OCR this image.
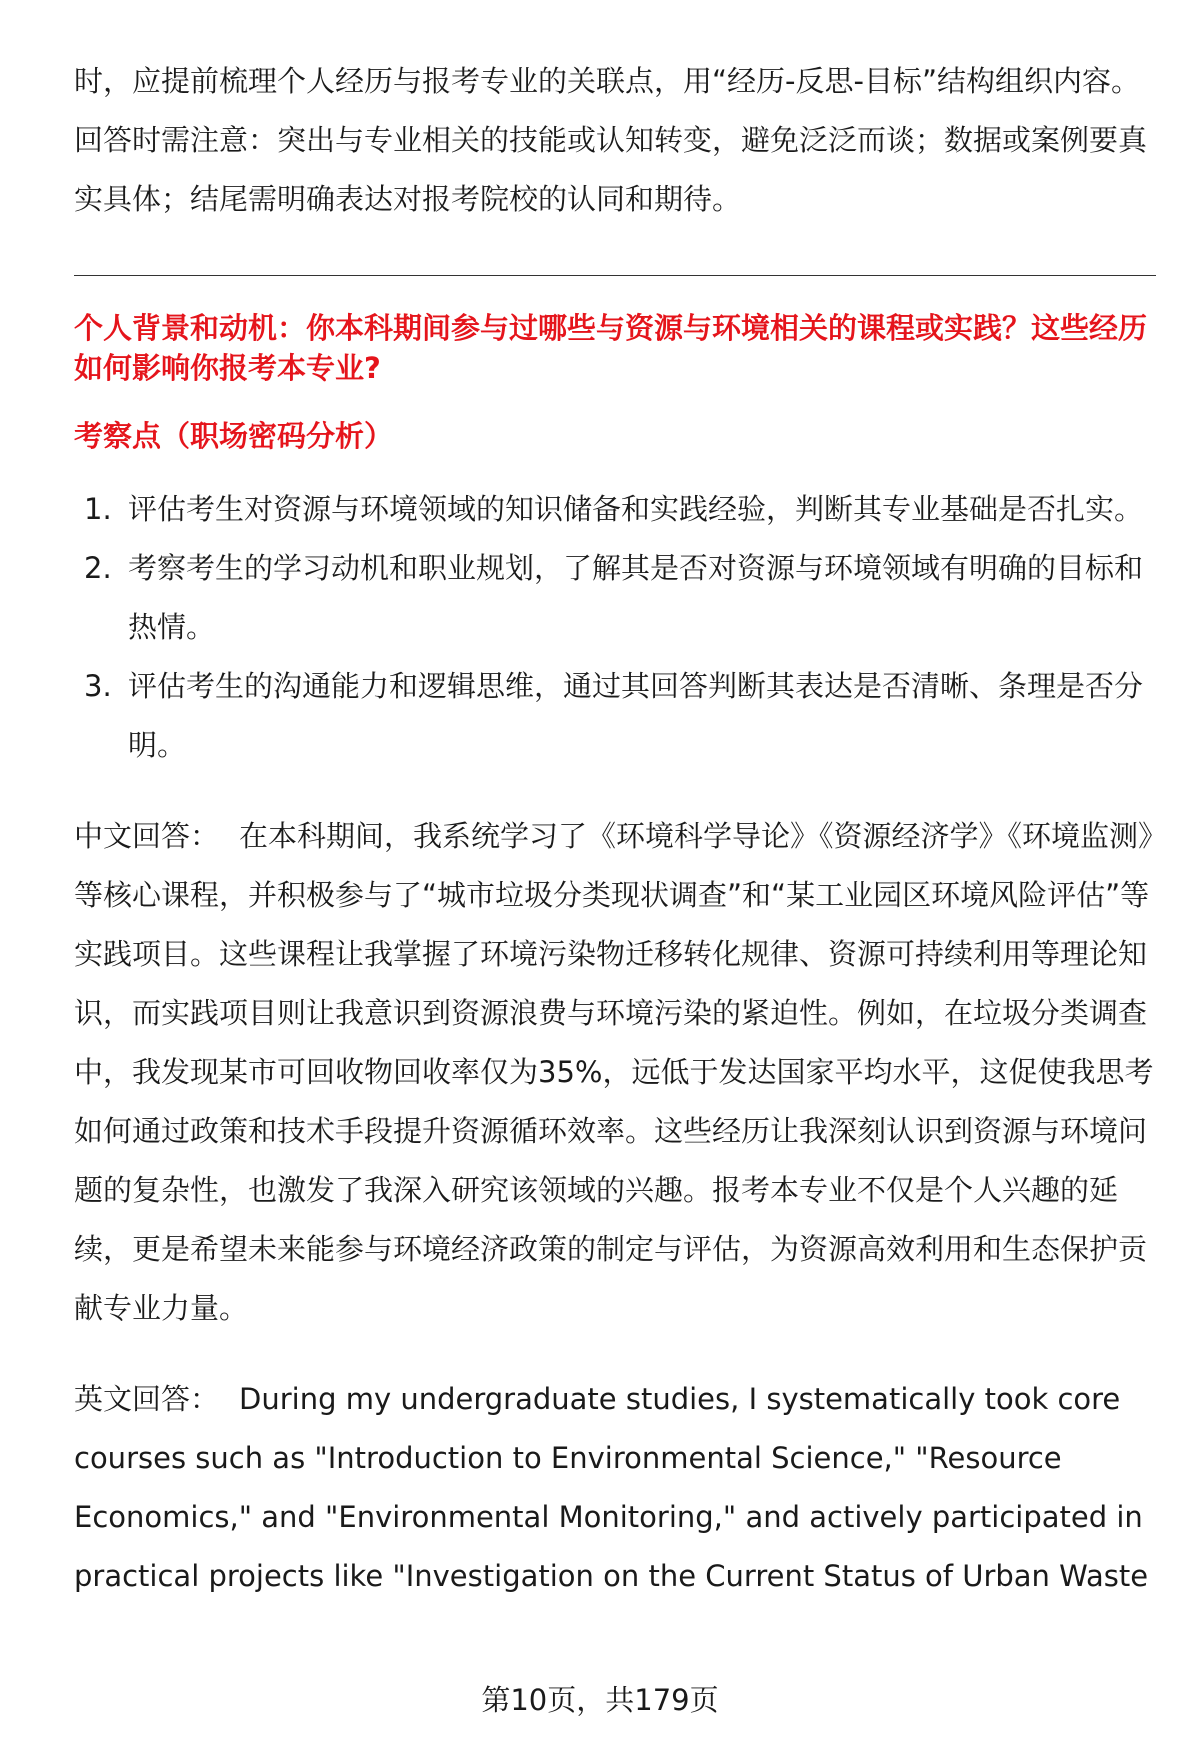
时，应提前梳理个人经历与报考专业的关联点，用“经历-反思-目标”结构组织内容。回答时需注意：突出与专业相关的技能或认知转变，避免泛泛而谈；数据或案例要真实具体；结尾需明确表达对报考院校的认同和期待。

个人背景和动机：你本科期间参与过哪些与资源与环境相关的课程或实践？这些经历如何影响你报考本专业?

考察点（职场密码分析）

1. 评估考生对资源与环境领域的知识储备和实践经验，判断其专业基础是否扎实。
2. 考察考生的学习动机和职业规划，了解其是否对资源与环境领域有明确的目标和热情。
3. 评估考生的沟通能力和逻辑思维，通过其回答判断其表达是否清晰、条理是否分明。

中文回答： 在本科期间，我系统学习了《环境科学导论》《资源经济学》《环境监测》等核心课程，并积极参与了“城市垃圾分类现状调查”和“某工业园区环境风险评估”等实践项目。这些课程让我掌握了环境污染物迁移转化规律、资源可持续利用等理论知识，而实践项目则让我意识到资源浪费与环境污染的紧迫性。例如，在垃圾分类调查中，我发现某市可回收物回收率仅为35%，远低于发达国家平均水平，这促使我思考如何通过政策和技术手段提升资源循环效率。这些经历让我深刻认识到资源与环境问题的复杂性，也激发了我深入研究该领域的兴趣。报考本专业不仅是个人兴趣的延续，更是希望未来能参与环境经济政策的制定与评估，为资源高效利用和生态保护贡献专业力量。

英文回答： During my undergraduate studies, I systematically took core courses such as "Introduction to Environmental Science," "Resource Economics," and "Environmental Monitoring," and actively participated in practical projects like "Investigation on the Current Status of Urban Waste

第10页，共179页
